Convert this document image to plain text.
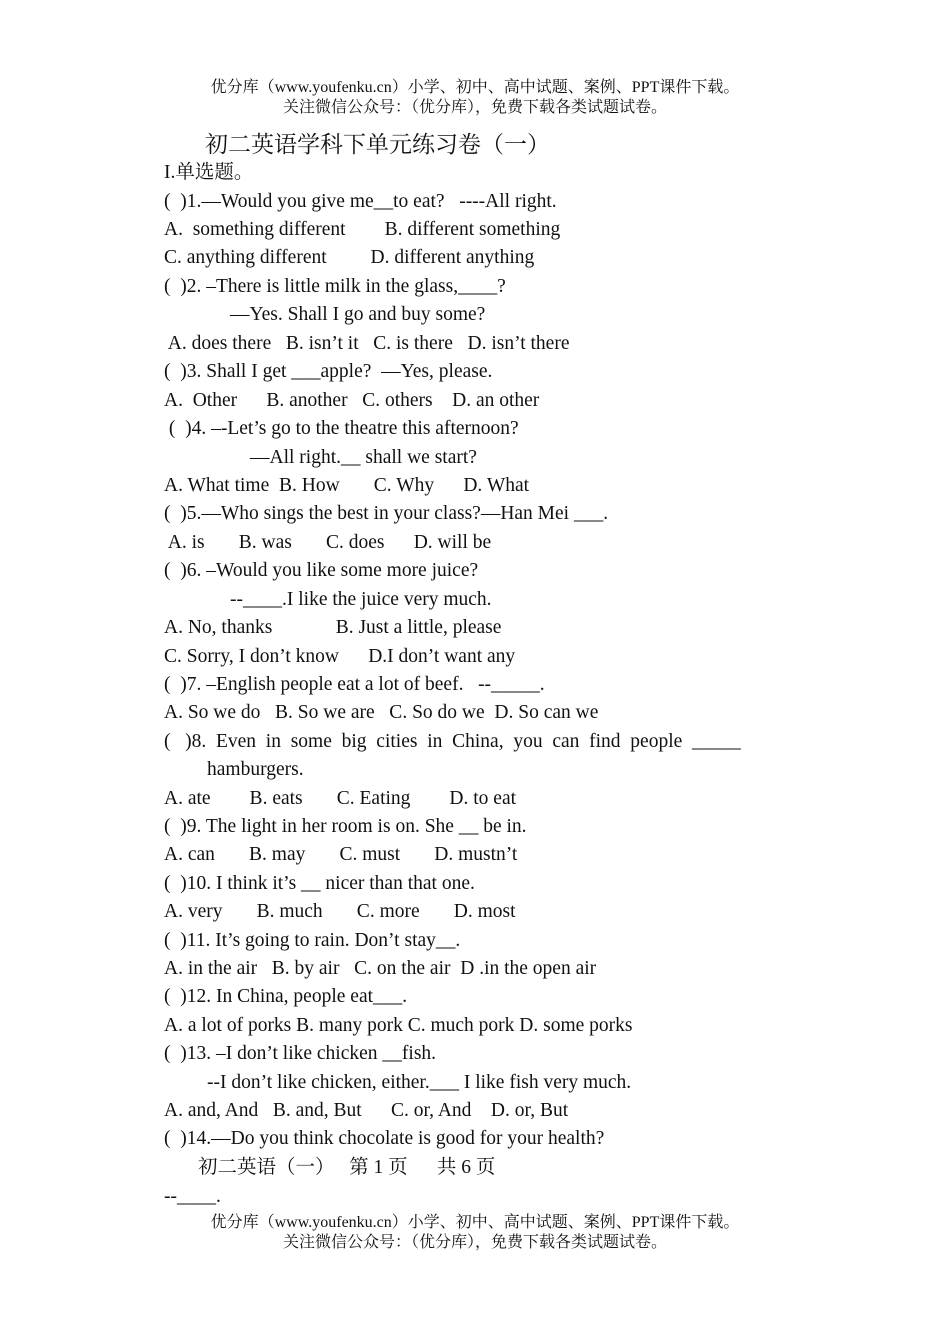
优分库（www.youfenku.cn）小学、初中、高中试题、案例、PPT课件下载。
关注微信公众号：（优分库），免费下载各类试题试卷。
初二英语学科下单元练习卷（一）
I.单选题。
(  )1.—Would you give me__to eat?   ----All right.
A.  something different        B. different something
C. anything different         D. different anything
(  )2. –There is little milk in the glass,____?
—Yes. Shall I go and buy some?
A. does there   B. isn’t it   C. is there   D. isn’t there
(  )3. Shall I get ___apple?  —Yes, please.
A.  Other      B. another   C. others    D. an other
(  )4. –-Let’s go to the theatre this afternoon?
—All right.__ shall we start?
A. What time  B. How       C. Why      D. What
(  )5.—Who sings the best in your class?—Han Mei ___.
A. is       B. was       C. does      D. will be
(  )6. –Would you like some more juice?
--____.I like the juice very much.
A. No, thanks             B. Just a little, please
C. Sorry, I don’t know      D.I don’t want any
(  )7. –English people eat a lot of beef.   --_____.
A. So we do   B. So we are   C. So do we  D. So can we
(   )8.  Even  in  some  big  cities  in  China,  you  can  find  people  _____
hamburgers.
A. ate        B. eats       C. Eating        D. to eat
(  )9. The light in her room is on. She __ be in.
A. can       B. may       C. must       D. mustn’t
(  )10. I think it’s __ nicer than that one.
A. very       B. much       C. more       D. most
(  )11. It’s going to rain. Don’t stay__.
A. in the air   B. by air   C. on the air  D .in the open air
(  )12. In China, people eat___.
A. a lot of porks B. many pork C. much pork D. some porks
(  )13. –I don’t like chicken __fish.
--I don’t like chicken, either.___ I like fish very much.
A. and, And   B. and, But      C. or, And    D. or, But
(  )14.—Do you think chocolate is good for your health?
初二英语（一）   第 1 页      共 6 页
--____.
优分库（www.youfenku.cn）小学、初中、高中试题、案例、PPT课件下载。
关注微信公众号：（优分库），免费下载各类试题试卷。
